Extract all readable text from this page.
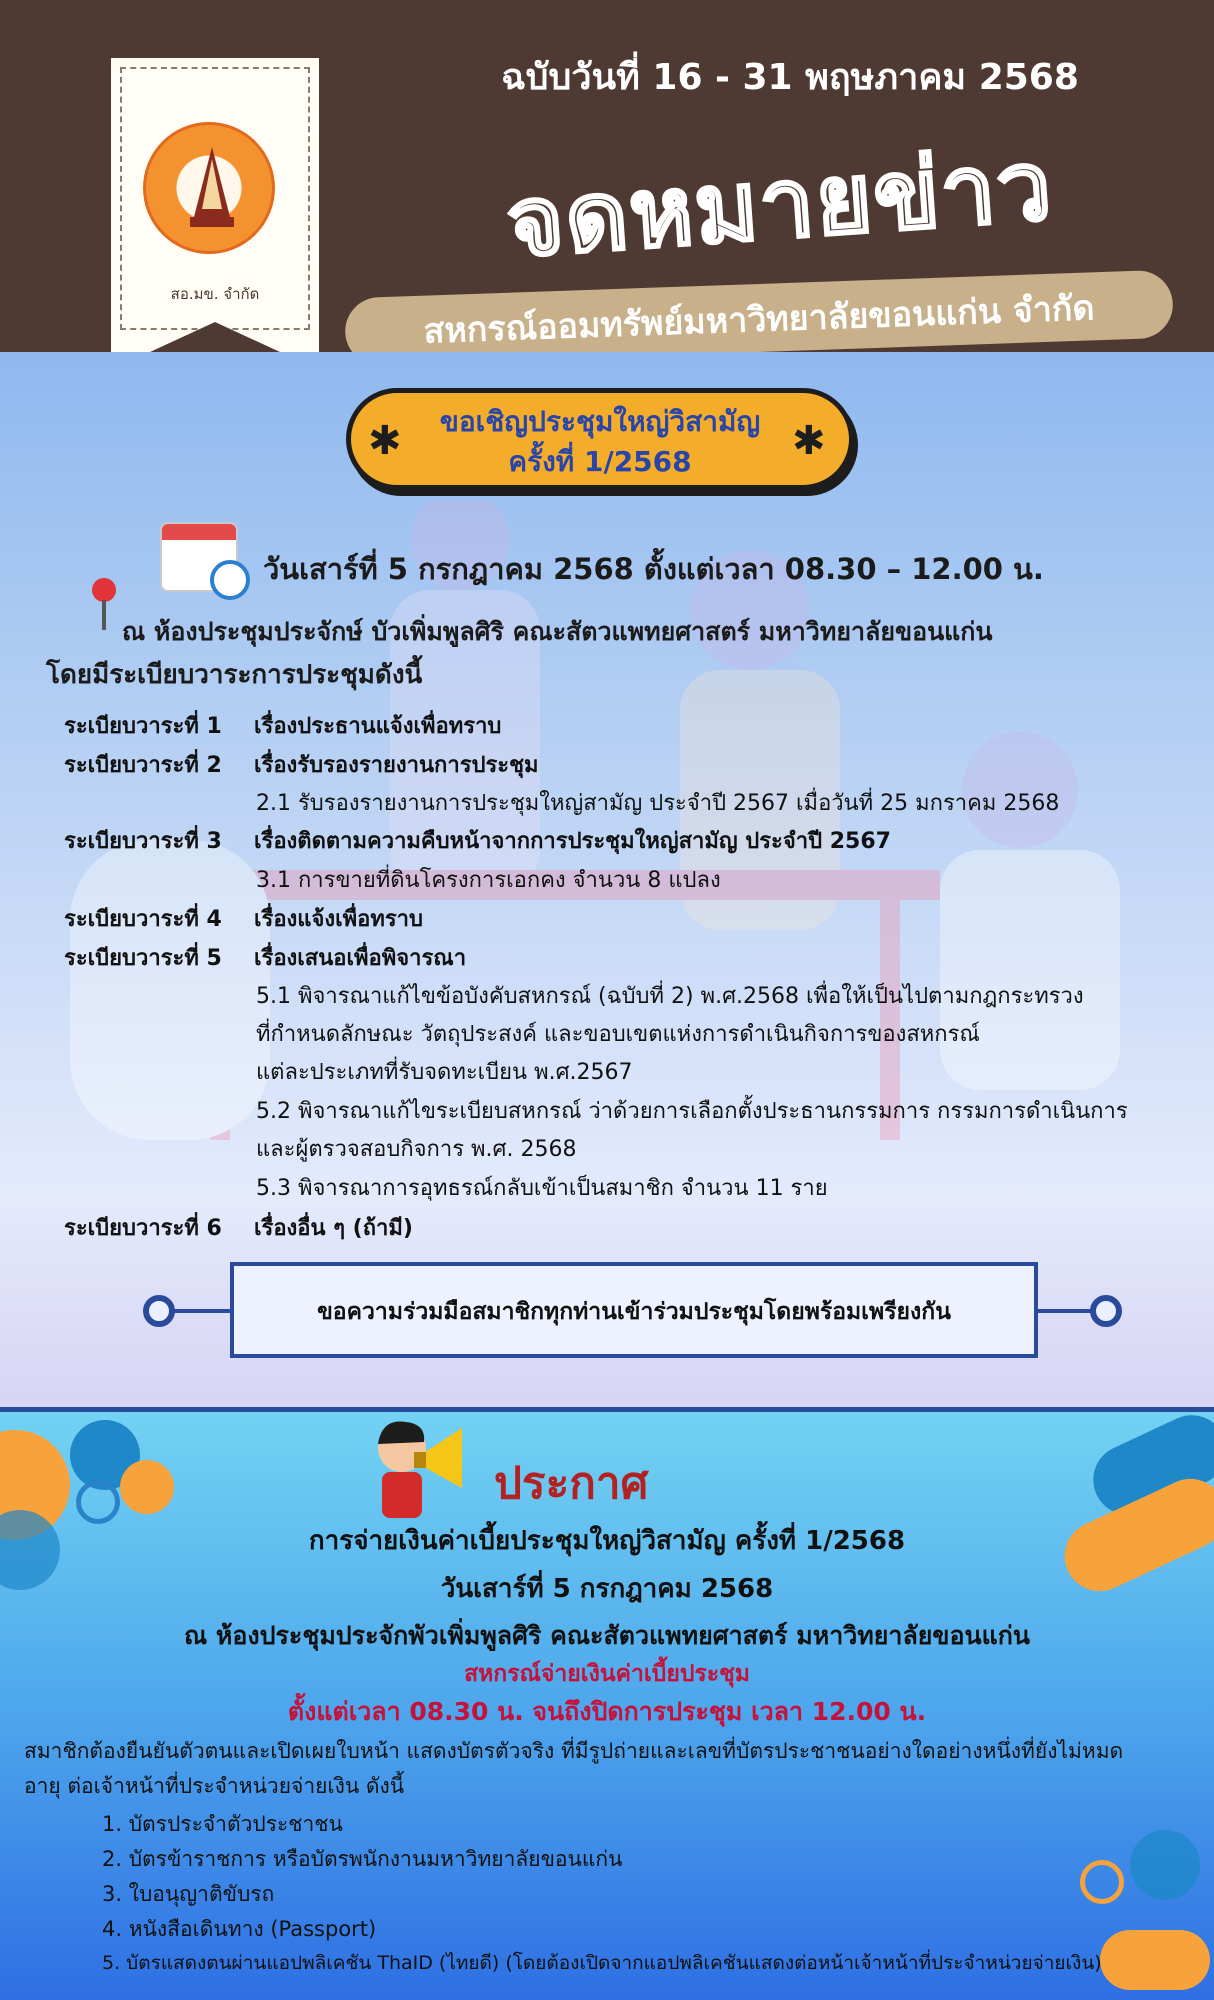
สอ.มข. จำกัด
ฉบับวันที่ 16 - 31 พฤษภาคม 2568
จดหมายข่าว
สหกรณ์ออมทรัพย์มหาวิทยาลัยขอนแก่น จำกัด
✱	✱
ขอเชิญประชุมใหญ่วิสามัญ
ครั้งที่ 1/2568
วันเสาร์ที่ 5 กรกฎาคม 2568 ตั้งแต่เวลา 08.30 – 12.00 น.
ณ ห้องประชุมประจักษ์ บัวเพิ่มพูลศิริ คณะสัตวแพทยศาสตร์ มหาวิทยาลัยขอนแก่น
โดยมีระเบียบวาระการประชุมดังนี้
ระเบียบวาระที่ 1 เรื่องประธานแจ้งเพื่อทราบ
ระเบียบวาระที่ 2 เรื่องรับรองรายงานการประชุม
2.1 รับรองรายงานการประชุมใหญ่สามัญ ประจำปี 2567 เมื่อวันที่ 25 มกราคม 2568
ระเบียบวาระที่ 3 เรื่องติดตามความคืบหน้าจากการประชุมใหญ่สามัญ ประจำปี 2567
3.1 การขายที่ดินโครงการเอกคง จำนวน 8 แปลง
ระเบียบวาระที่ 4 เรื่องแจ้งเพื่อทราบ
ระเบียบวาระที่ 5 เรื่องเสนอเพื่อพิจารณา
5.1 พิจารณาแก้ไขข้อบังคับสหกรณ์ (ฉบับที่ 2) พ.ศ.2568 เพื่อให้เป็นไปตามกฎกระทรวง
ที่กำหนดลักษณะ วัตถุประสงค์ และขอบเขตแห่งการดำเนินกิจการของสหกรณ์
แต่ละประเภทที่รับจดทะเบียน พ.ศ.2567
5.2 พิจารณาแก้ไขระเบียบสหกรณ์ ว่าด้วยการเลือกตั้งประธานกรรมการ กรรมการดำเนินการ
และผู้ตรวจสอบกิจการ พ.ศ. 2568
5.3 พิจารณาการอุทธรณ์กลับเข้าเป็นสมาชิก จำนวน 11 ราย
ระเบียบวาระที่ 6 เรื่องอื่น ๆ (ถ้ามี)
ขอความร่วมมือสมาชิกทุกท่านเข้าร่วมประชุมโดยพร้อมเพรียงกัน
ประกาศ
การจ่ายเงินค่าเบี้ยประชุมใหญ่วิสามัญ ครั้งที่ 1/2568
วันเสาร์ที่ 5 กรกฎาคม 2568
ณ ห้องประชุมประจักพัวเพิ่มพูลศิริ คณะสัตวแพทยศาสตร์ มหาวิทยาลัยขอนแก่น
สหกรณ์จ่ายเงินค่าเบี้ยประชุม
ตั้งแต่เวลา 08.30 น. จนถึงปิดการประชุม เวลา 12.00 น.
สมาชิกต้องยืนยันตัวตนและเปิดเผยใบหน้า แสดงบัตรตัวจริง ที่มีรูปถ่ายและเลขที่บัตรประชาชนอย่างใดอย่างหนึ่งที่ยังไม่หมด
อายุ ต่อเจ้าหน้าที่ประจำหน่วยจ่ายเงิน ดังนี้
1. บัตรประจำตัวประชาชน
2. บัตรข้าราชการ หรือบัตรพนักงานมหาวิทยาลัยขอนแก่น
3. ใบอนุญาติขับรถ
4. หนังสือเดินทาง (Passport)
5. บัตรแสดงตนผ่านแอปพลิเคชัน ThaID (ไทยดี) (โดยต้องเปิดจากแอปพลิเคชันแสดงต่อหน้าเจ้าหน้าที่ประจำหน่วยจ่ายเงิน)
